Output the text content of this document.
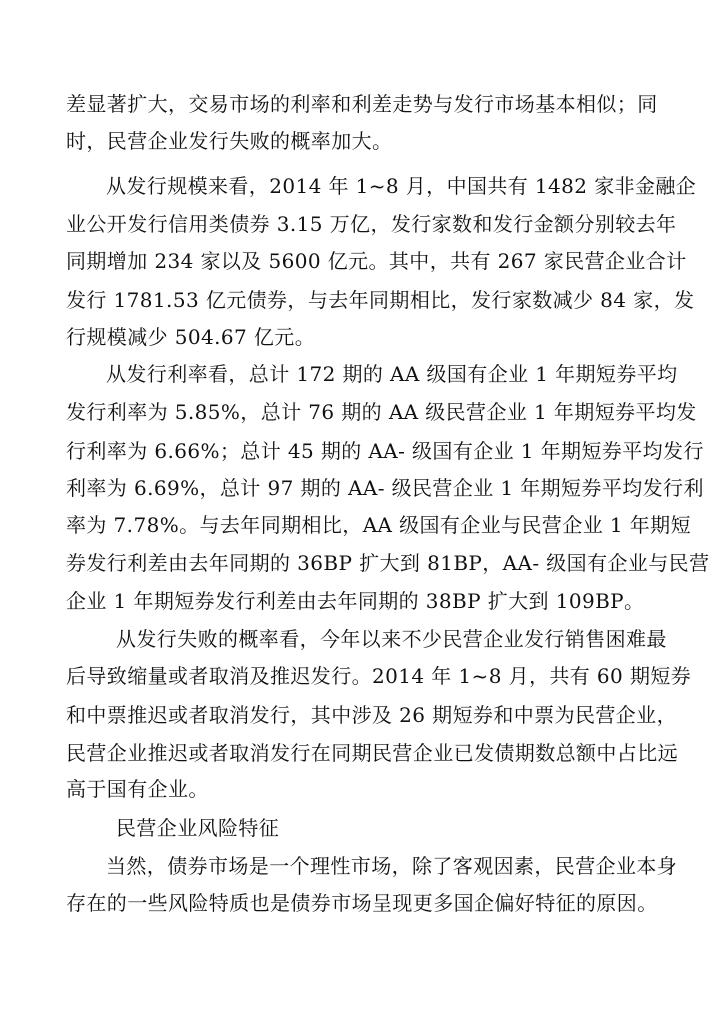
差显著扩大，交易市场的利率和利差走势与发行市场基本相似；同
时，民营企业发行失败的概率加大。
从发行规模来看，2014 年 1~8 月，中国共有 1482 家非金融企
业公开发行信用类债券 3.15 万亿，发行家数和发行金额分别较去年
同期增加 234 家以及 5600 亿元。其中，共有 267 家民营企业合计
发行 1781.53 亿元债券，与去年同期相比，发行家数减少 84 家，发
行规模减少 504.67 亿元。
从发行利率看，总计 172 期的 AA 级国有企业 1 年期短券平均
发行利率为 5.85%，总计 76 期的 AA 级民营企业 1 年期短券平均发
行利率为 6.66%；总计 45 期的 AA- 级国有企业 1 年期短券平均发行
利率为 6.69%，总计 97 期的 AA- 级民营企业 1 年期短券平均发行利
率为 7.78%。与去年同期相比，AA 级国有企业与民营企业 1 年期短
券发行利差由去年同期的 36BP 扩大到 81BP，AA- 级国有企业与民营
企业 1 年期短券发行利差由去年同期的 38BP 扩大到 109BP。
从发行失败的概率看，今年以来不少民营企业发行销售困难最
后导致缩量或者取消及推迟发行。2014 年 1~8 月，共有 60 期短券
和中票推迟或者取消发行，其中涉及 26 期短券和中票为民营企业，
民营企业推迟或者取消发行在同期民营企业已发债期数总额中占比远
高于国有企业。
民营企业风险特征
当然，债券市场是一个理性市场，除了客观因素，民营企业本身
存在的一些风险特质也是债券市场呈现更多国企偏好特征的原因。
